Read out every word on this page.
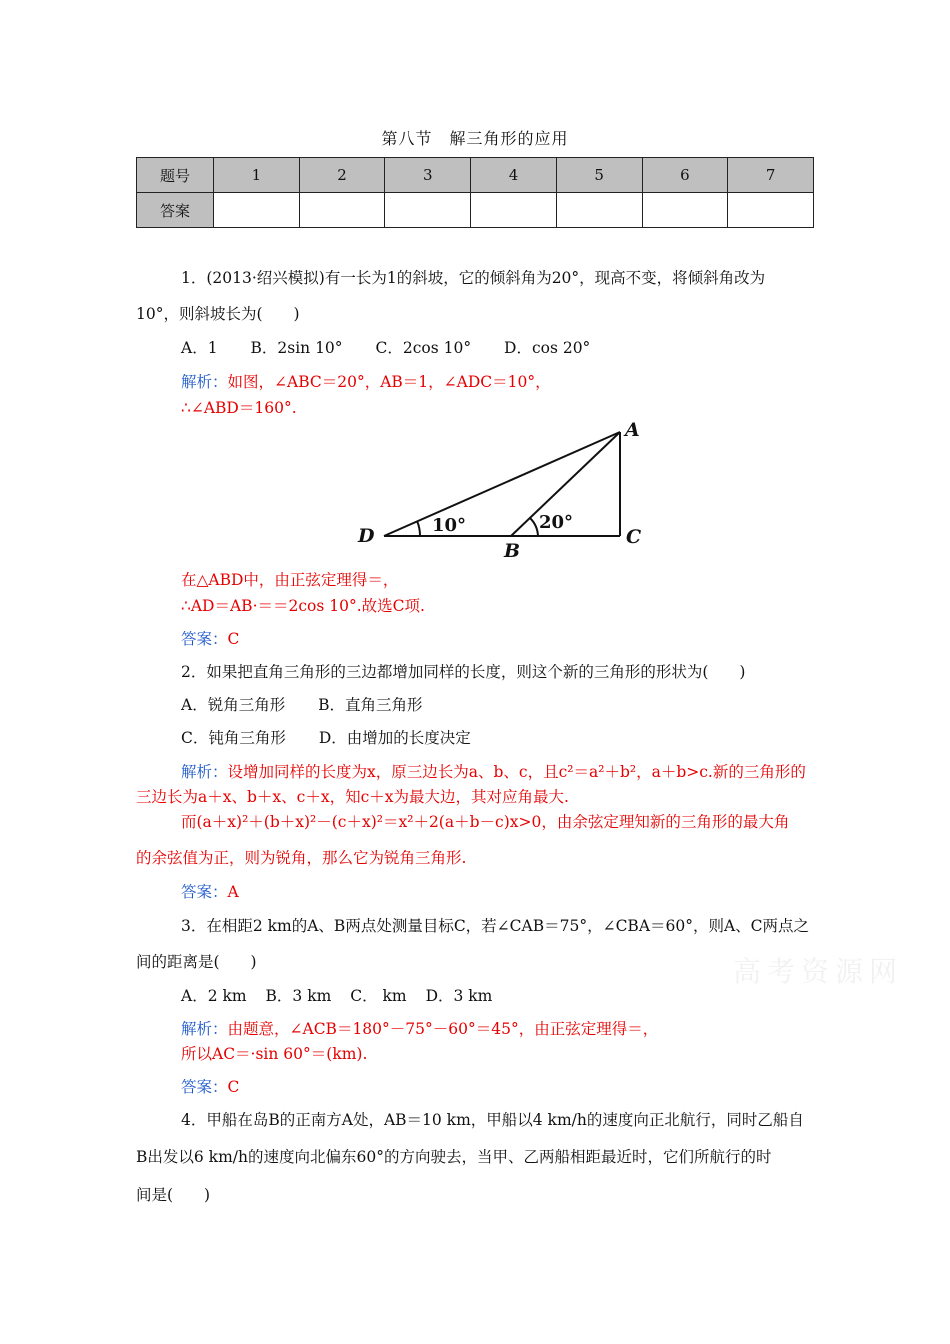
第八节　解三角形的应用
题号	1	2	3	4	5	6	7
答案							
1．(2013·绍兴模拟)有一长为1的斜坡，它的倾斜角为20°，现高不变，将倾斜角改为
10°，则斜坡长为(　　)
A．1 B．2sin 10° C．2cos 10° D．cos 20°
解析：如图，∠ABC＝20°，AB＝1，∠ADC＝10°，
∴∠ABD＝160°.
A
D
B
C
10°	20°
在△ABD中，由正弦定理得＝，
∴AD＝AB·＝＝2cos 10°.故选C项.
答案：C
2．如果把直角三角形的三边都增加同样的长度，则这个新的三角形的形状为(　　)
A．锐角三角形 B．直角三角形
C．钝角三角形 D．由增加的长度决定
解析：设增加同样的长度为x，原三边长为a、b、c，且c²＝a²＋b²，a＋b>c.新的三角形的
三边长为a＋x、b＋x、c＋x，知c＋x为最大边，其对应角最大.
而(a＋x)²＋(b＋x)²－(c＋x)²＝x²＋2(a＋b－c)x>0，由余弦定理知新的三角形的最大角
的余弦值为正，则为锐角，那么它为锐角三角形.
答案：A
3．在相距2 km的A、B两点处测量目标C，若∠CAB＝75°，∠CBA＝60°，则A、C两点之
间的距离是(　　)
A．2 km B．3 km C． km D．3 km
解析：由题意，∠ACB＝180°－75°－60°＝45°，由正弦定理得＝，
所以AC＝·sin 60°＝(km).
答案：C
4．甲船在岛B的正南方A处，AB＝10 km，甲船以4 km/h的速度向正北航行，同时乙船自
B出发以6 km/h的速度向北偏东60°的方向驶去，当甲、乙两船相距最近时，它们所航行的时
间是(　　)
高考资源网
